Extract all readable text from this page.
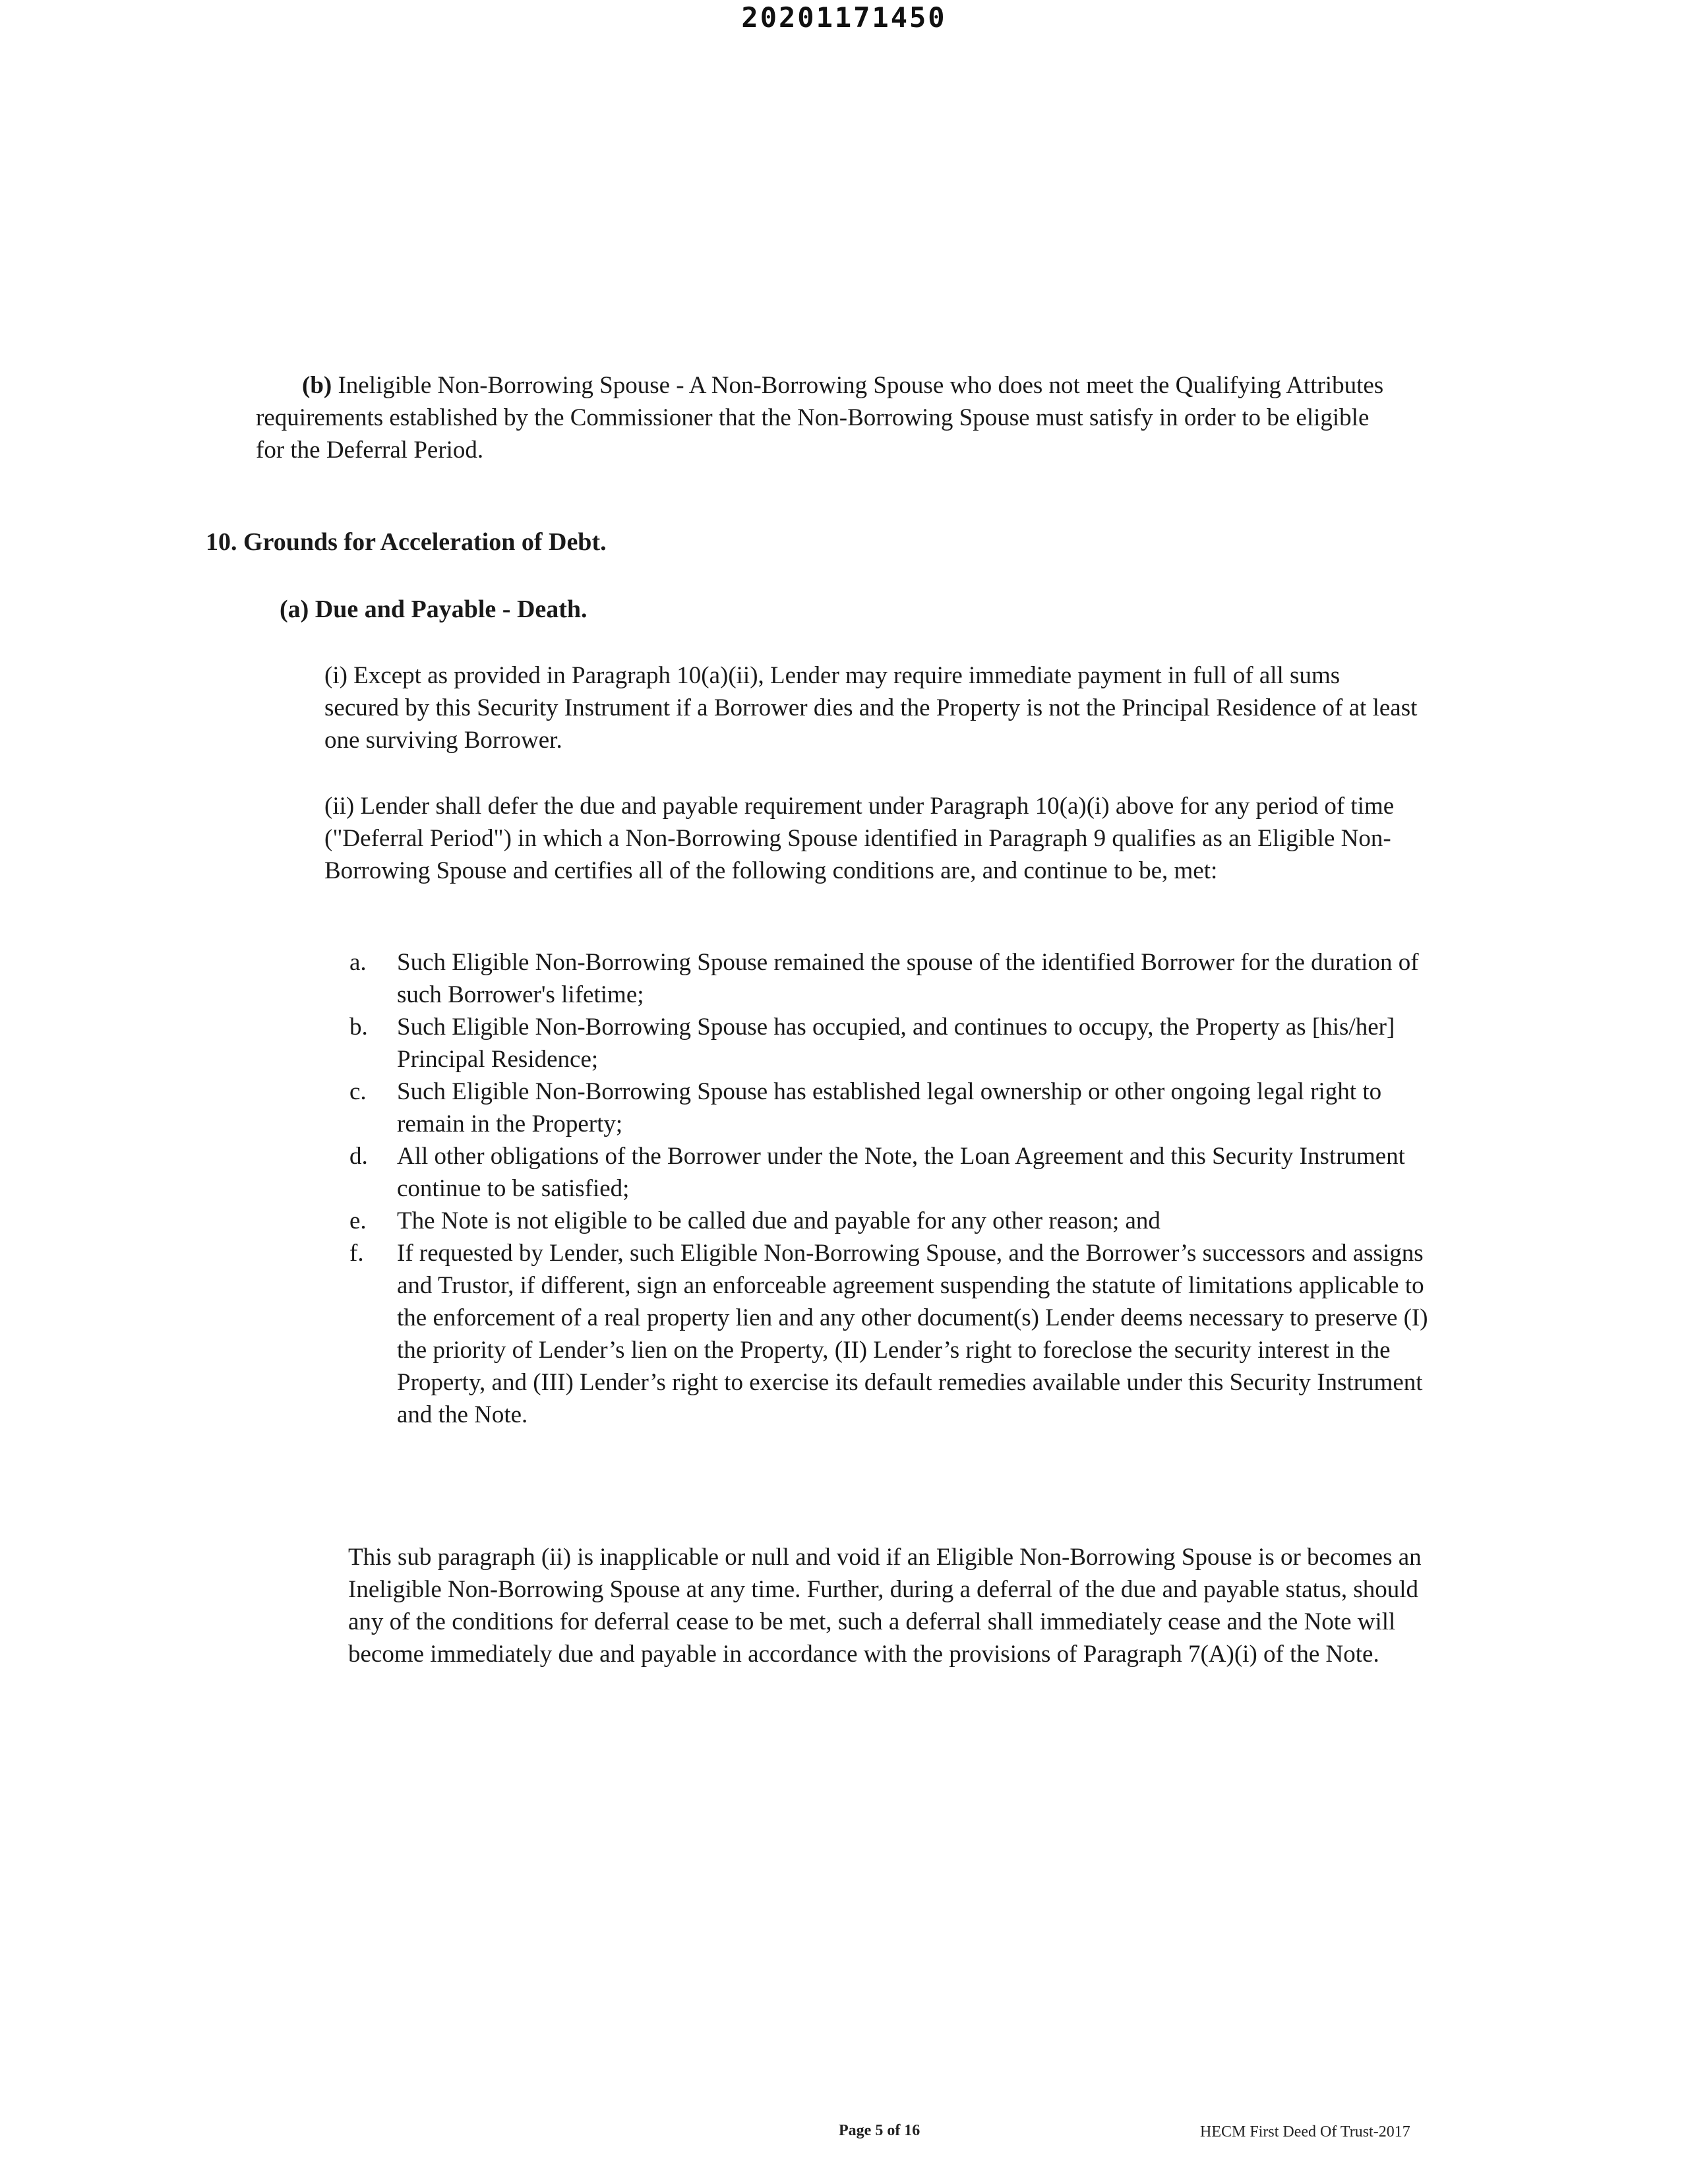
20201171450
(b) Ineligible Non-Borrowing Spouse - A Non-Borrowing Spouse who does not meet the Qualifying Attributes requirements established by the Commissioner that the Non-Borrowing Spouse must satisfy in order to be eligible for the Deferral Period.
10. Grounds for Acceleration of Debt.
(a) Due and Payable - Death.
(i) Except as provided in Paragraph 10(a)(ii), Lender may require immediate payment in full of all sums secured by this Security Instrument if a Borrower dies and the Property is not the Principal Residence of at least one surviving Borrower.
(ii) Lender shall defer the due and payable requirement under Paragraph 10(a)(i) above for any period of time ("Deferral Period") in which a Non-Borrowing Spouse identified in Paragraph 9 qualifies as an Eligible Non-Borrowing Spouse and certifies all of the following conditions are, and continue to be, met:
a.	Such Eligible Non-Borrowing Spouse remained the spouse of the identified Borrower for the duration of such Borrower's lifetime;
b.	Such Eligible Non-Borrowing Spouse has occupied, and continues to occupy, the Property as [his/her] Principal Residence;
c.	Such Eligible Non-Borrowing Spouse has established legal ownership or other ongoing legal right to remain in the Property;
d.	All other obligations of the Borrower under the Note, the Loan Agreement and this Security Instrument continue to be satisfied;
e.	The Note is not eligible to be called due and payable for any other reason; and
f.	If requested by Lender, such Eligible Non-Borrowing Spouse, and the Borrower’s successors and assigns and Trustor, if different, sign an enforceable agreement suspending the statute of limitations applicable to the enforcement of a real property lien and any other document(s) Lender deems necessary to preserve (I) the priority of Lender’s lien on the Property, (II) Lender’s right to foreclose the security interest in the Property, and (III) Lender’s right to exercise its default remedies available under this Security Instrument and the Note.
This sub paragraph (ii) is inapplicable or null and void if an Eligible Non-Borrowing Spouse is or becomes an Ineligible Non-Borrowing Spouse at any time. Further, during a deferral of the due and payable status, should any of the conditions for deferral cease to be met, such a deferral shall immediately cease and the Note will become immediately due and payable in accordance with the provisions of Paragraph 7(A)(i) of the Note.
Page 5 of 16	HECM First Deed Of Trust-2017
